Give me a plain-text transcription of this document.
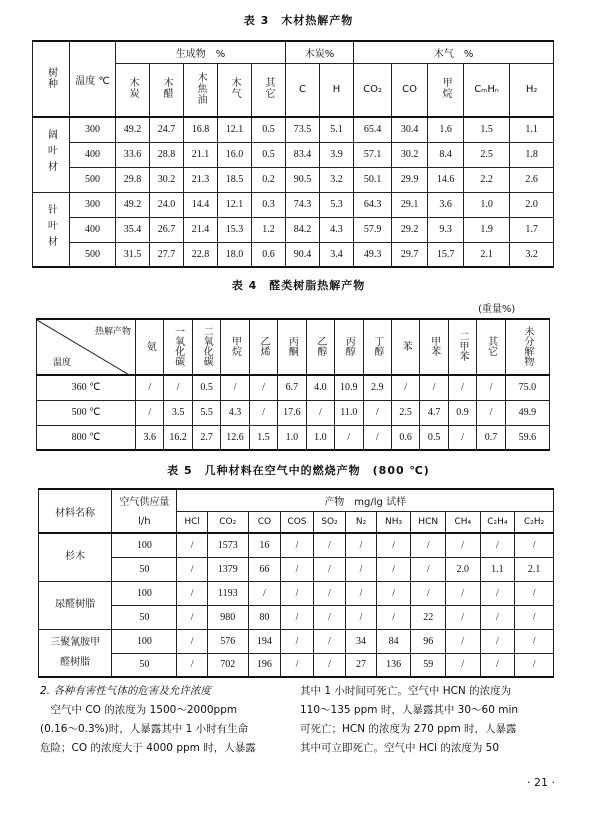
表 3　木材热解产物
树种	温度 ℃	生成物　%					木炭%		木气　%				
		木炭	木醋	木焦油	木气	其它	C	H	CO₂	CO	甲烷	CₘHₙ	H₂
阔叶材	300	49.2	24.7	16.8	12.1	0.5	73.5	5.1	65.4	30.4	1.6	1.5	1.1
	400	33.6	28.8	21.1	16.0	0.5	83.4	3.9	57.1	30.2	8.4	2.5	1.8
	500	29.8	30.2	21.3	18.5	0.2	90.5	3.2	50.1	29.9	14.6	2.2	2.6
针叶材	300	49.2	24.0	14.4	12.1	0.3	74.3	5.3	64.3	29.1	3.6	1.0	2.0
	400	35.4	26.7	21.4	15.3	1.2	84.2	4.3	57.9	29.2	9.3	1.9	1.7
	500	31.5	27.7	22.8	18.0	0.6	90.4	3.4	49.3	29.7	15.7	2.1	3.2
表 4　醛类树脂热解产物
(重量%)
热解产物
温度	氨	一氧化碳	二氧化碳	甲烷	乙烯	丙酮	乙醇	丙醇	丁醇	苯	甲苯	二甲苯	其它	未分解物
360 ℃	/	/	0.5	/	/	6.7	4.0	10.9	2.9	/	/	/	/	75.0
500 ℃	/	3.5	5.5	4.3	/	17.6	/	11.0	/	2.5	4.7	0.9	/	49.9
800 ℃	3.6	16.2	2.7	12.6	1.5	1.0	1.0	/	/	0.6	0.5	/	0.7	59.6
表 5　几种材料在空气中的燃烧产物　(800 ℃)
材料名称	空气供应量	产物　mg/lg 试样										
	l/h	HCl	CO₂	CO	COS	SO₂	N₂	NH₃	HCN	CH₄	C₂H₄	C₂H₂
杉木	100	/	1573	16	/	/	/	/	/	/	/	/
	50	/	1379	66	/	/	/	/	/	2.0	1.1	2.1
尿醛树脂	100	/	1193	/	/	/	/	/	/	/	/	/
	50	/	980	80	/	/	/	/	22	/	/	/
三聚氰胺甲醛树脂	100	/	576	194	/	/	34	84	96	/	/	/
	50	/	702	196	/	/	27	136	59	/	/	/

2. 各种有害性气体的危害及允许浓度

　空气中 CO 的浓度为 1500～2000ppm

(0.16～0.3%)时，人暴露其中 1 小时有生命

危险；CO 的浓度大于 4000 ppm 时，人暴露

其中 1 小时间可死亡。空气中 HCN 的浓度为

110～135 ppm 时，人暴露其中 30～60 min

可死亡；HCN 的浓度为 270 ppm 时，人暴露

其中可立即死亡。空气中 HCl 的浓度为 50

· 21 ·
